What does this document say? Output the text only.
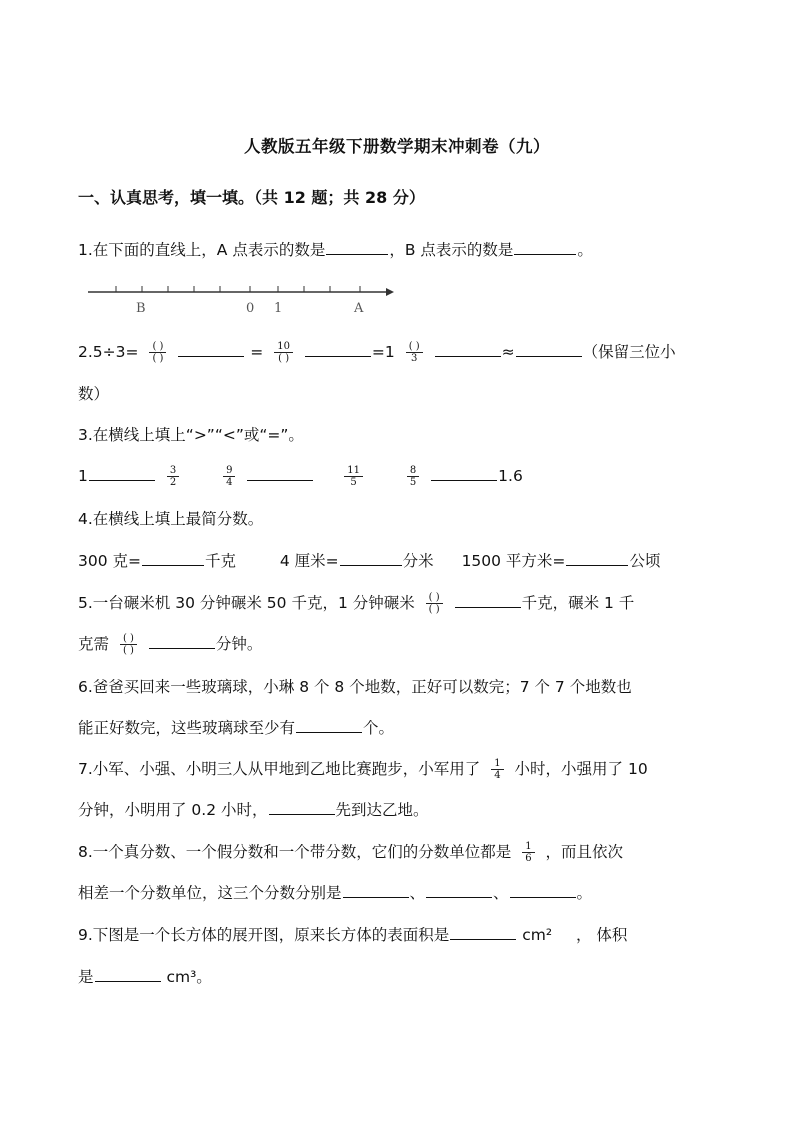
人教版五年级下册数学期末冲刺卷（九）
一、认真思考，填一填。（共 12 题；共 28 分）
1.在下面的直线上，A 点表示的数是	，B 点表示的数是	。
B	0 1	A
$2.5\div 3= \frac{( )}{( )}$	= $\frac{10}{( )}$	$=1 \frac{( )}{3}$	≈	（保留三位小
数）
3.在横线上填上“>”“<”或“=”。
1	$\frac{3}{2}$
	$\frac{9}{4}$
	$\frac{11}{5}$
	$\frac{8}{5}$	1.6
4.在横线上填上最简分数。
300 克=	千克	4 厘米=	分米 1500 平方米=	公顷
5.一台碾米机 30 分钟碾米 50 千克，1 分钟碾米 $\frac{( )}{( )}$	千克，碾米 1 千
克需 $\frac{( )}{( )}$	分钟。
6.爸爸买回来一些玻璃球，小琳 8 个 8 个地数，正好可以数完；7 个 7 个地数也
能正好数完，这些玻璃球至少有	个。
7.小军、小强、小明三人从甲地到乙地比赛跑步，小军用了 $\frac{1}{4}$ 小时，小强用了 10
分钟，小明用了 0.2 小时，	先到达乙地。
8.一个真分数、一个假分数和一个带分数，它们的分数单位都是 $\frac{1}{6}$ ，而且依次
相差一个分数单位，这三个分数分别是	、	、	。
9.下图是一个长方体的展开图，原来长方体的表面积是	cm² ， 体积
是	cm³。
